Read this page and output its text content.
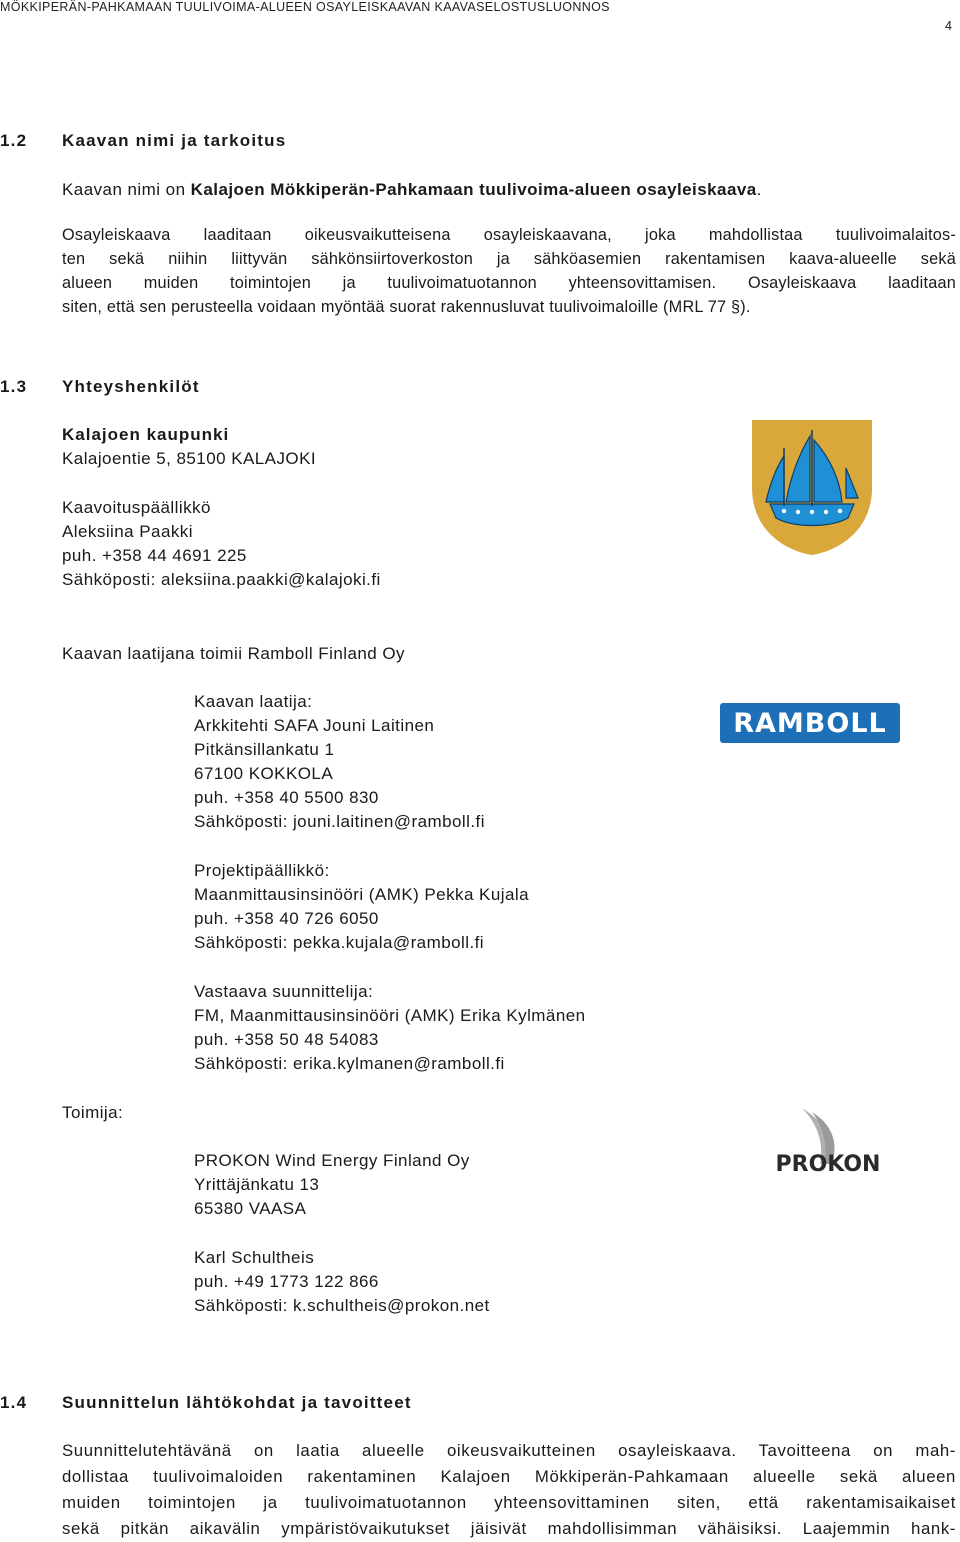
MÖKKIPERÄN-PAHKAMAAN TUULIVOIMA-ALUEEN OSAYLEISKAAVAN KAAVASELOSTUSLUONNOS
4
1.2 Kaavan nimi ja tarkoitus
Kaavan nimi on Kalajoen Mökkiperän-Pahkamaan tuulivoima-alueen osayleiskaava.

Osayleiskaava laaditaan oikeusvaikutteisena osayleiskaavana, joka mahdollistaa tuulivoimalaitos-

ten sekä niihin liittyvän sähkönsiirtoverkoston ja sähköasemien rakentamisen kaava-alueelle sekä

alueen muiden toimintojen ja tuulivoimatuotannon yhteensovittamisen. Osayleiskaava laaditaan

siten, että sen perusteella voidaan myöntää suorat rakennusluvat tuulivoimaloille (MRL 77 §).

1.3 Yhteyshenkilöt
Kalajoen kaupunki
Kalajoentie 5, 85100 KALAJOKI
Kaavoituspäällikkö
Aleksiina Paakki
puh. +358 44 4691 225
Sähköposti: aleksiina.paakki@kalajoki.fi
Kaavan laatijana toimii Ramboll Finland Oy
RAMBOLL
Kaavan laatija:
Arkkitehti SAFA Jouni Laitinen
Pitkänsillankatu 1
67100 KOKKOLA
puh. +358 40 5500 830
Sähköposti: jouni.laitinen@ramboll.fi
Projektipäällikkö:
Maanmittausinsinööri (AMK) Pekka Kujala
puh. +358 40 726 6050
Sähköposti: pekka.kujala@ramboll.fi
Vastaava suunnittelija:
FM, Maanmittausinsinööri (AMK) Erika Kylmänen
puh. +358 50 48 54083
Sähköposti: erika.kylmanen@ramboll.fi
Toimija:
PROKON
PROKON Wind Energy Finland Oy
Yrittäjänkatu 13
65380 VAASA
Karl Schultheis
puh. +49 1773 122 866
Sähköposti: k.schultheis@prokon.net
1.4 Suunnittelun lähtökohdat ja tavoitteet

Suunnittelutehtävänä on laatia alueelle oikeusvaikutteinen osayleiskaava. Tavoitteena on mah-

dollistaa tuulivoimaloiden rakentaminen Kalajoen Mökkiperän-Pahkamaan alueelle sekä alueen

muiden toimintojen ja tuulivoimatuotannon yhteensovittaminen siten, että rakentamisaikaiset

sekä pitkän aikavälin ympäristövaikutukset jäisivät mahdollisimman vähäisiksi. Laajemmin hank-
